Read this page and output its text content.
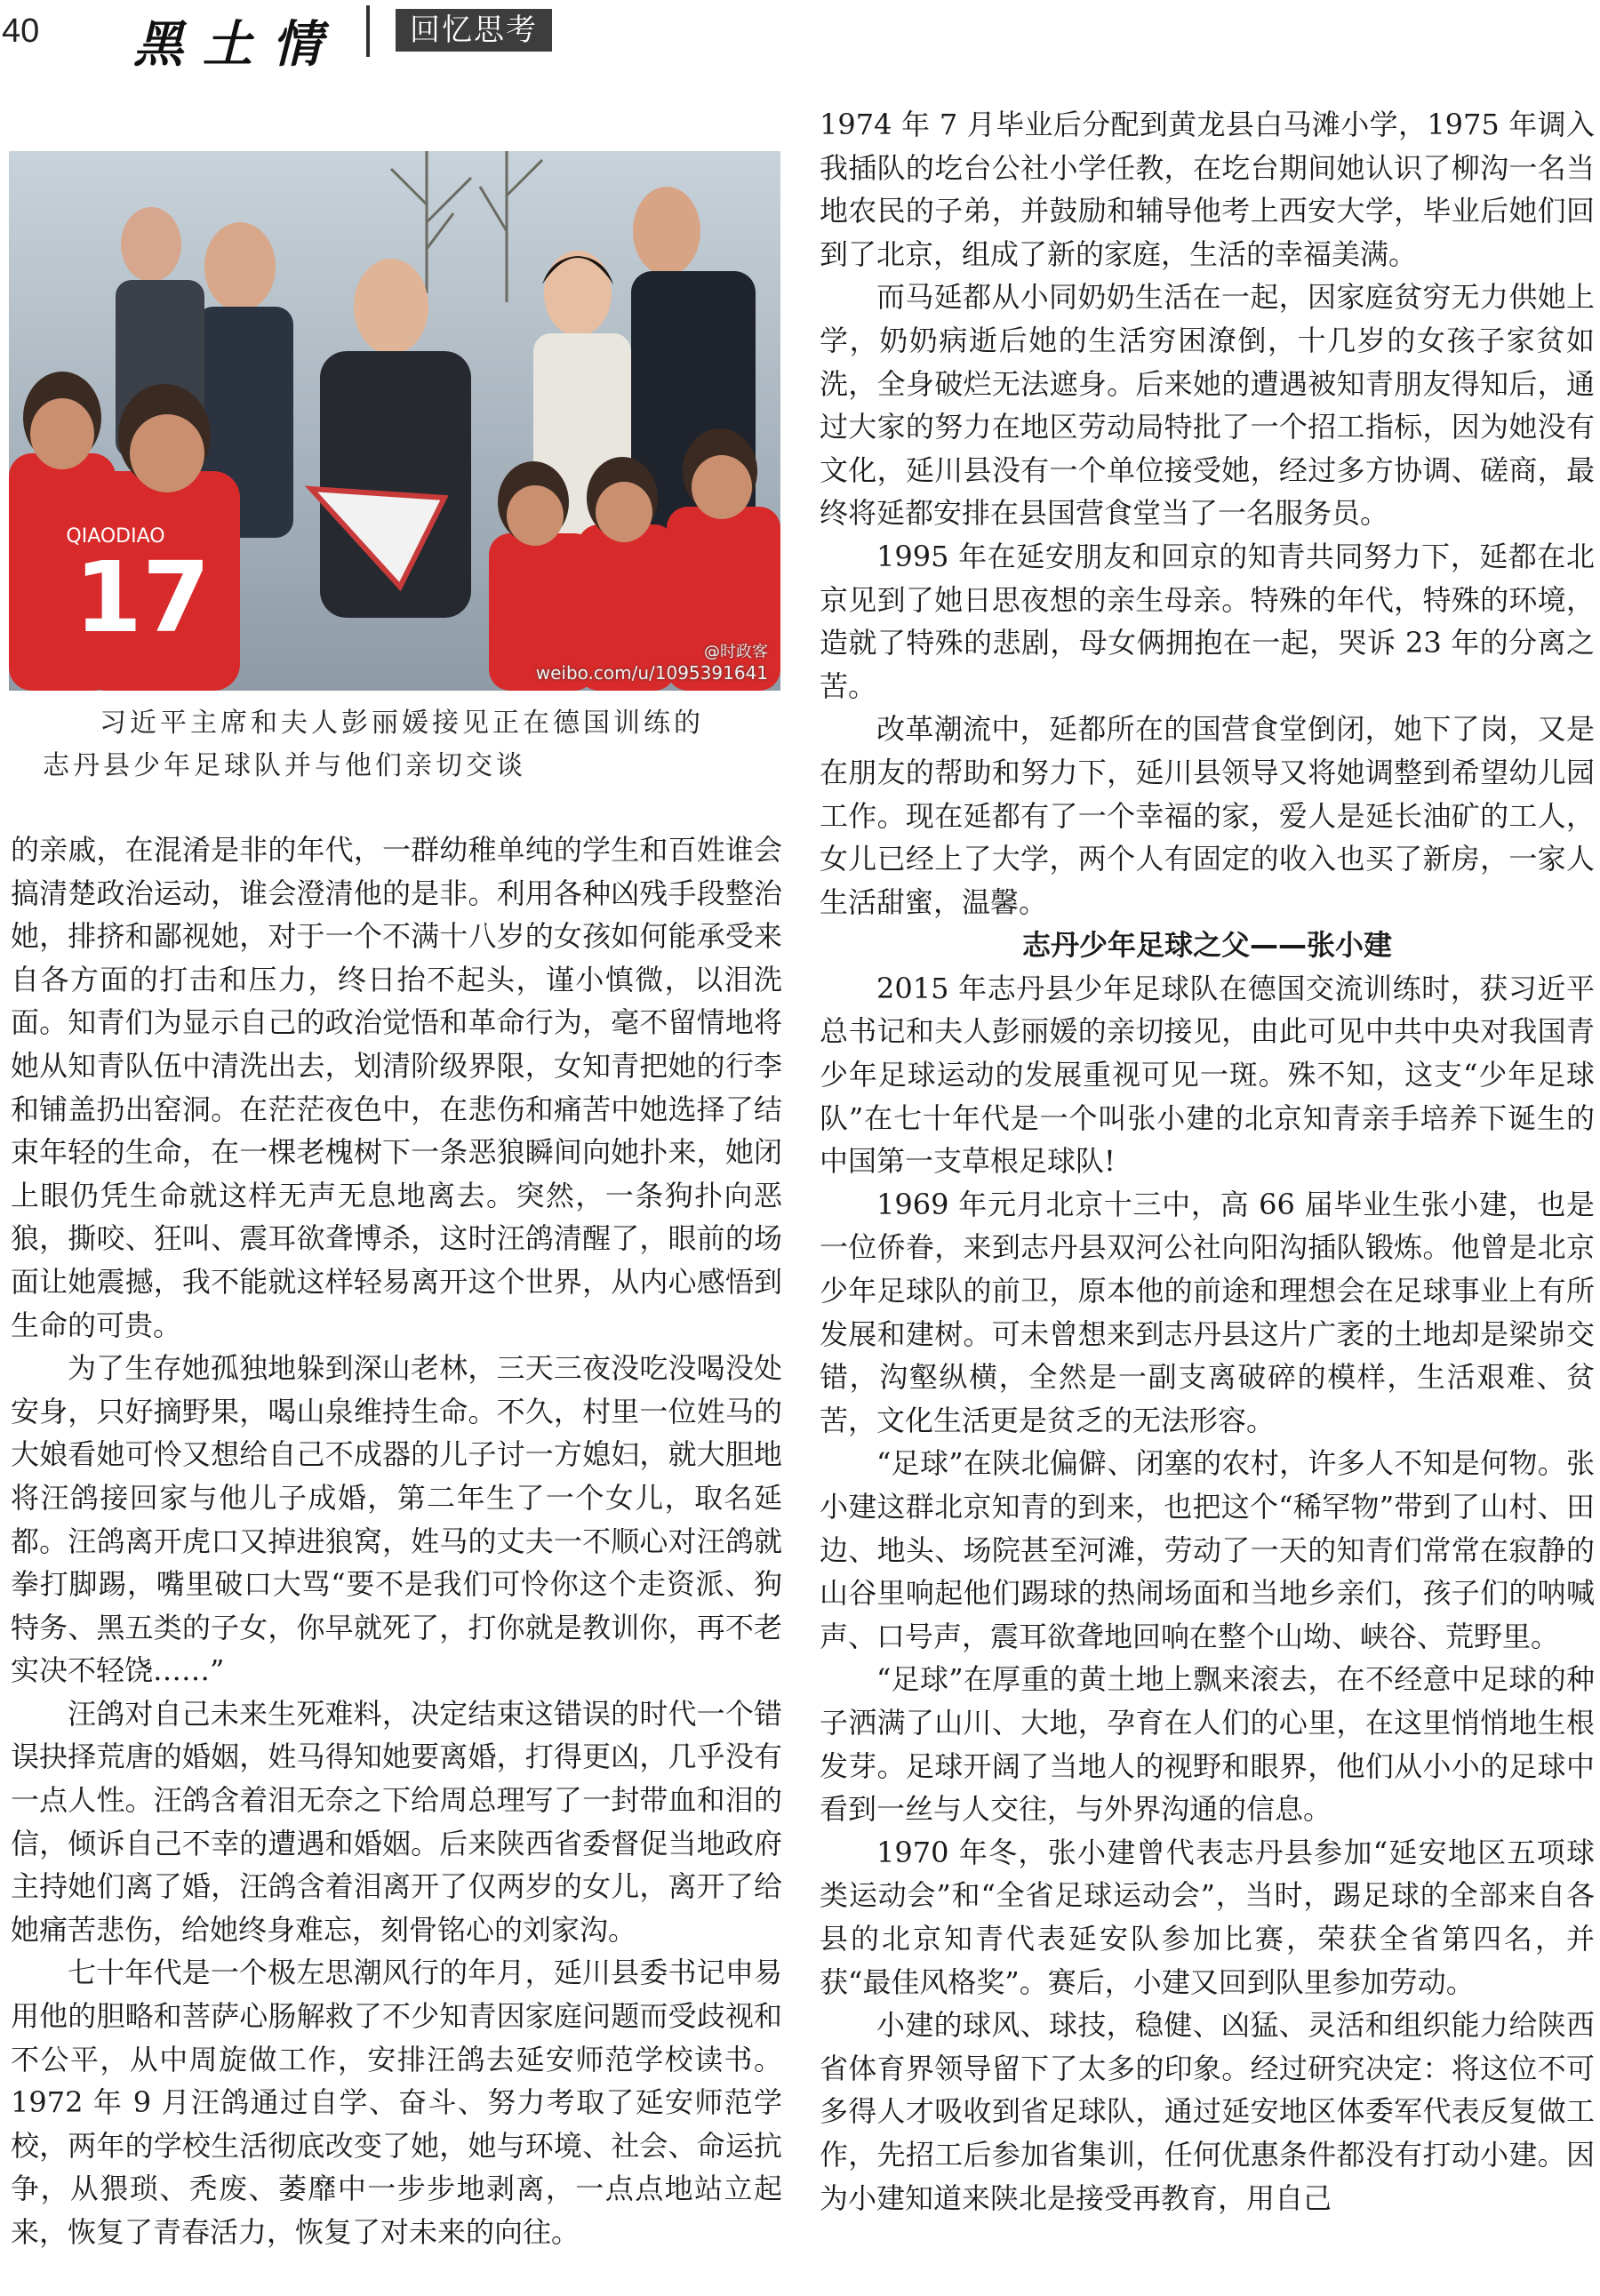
40 黑土情	回忆思考
QIAODIAO
17	@时政客
weibo.com/u/1095391641
习近平主席和夫人彭丽媛接见正在德国训练的
志丹县少年足球队并与他们亲切交谈

的亲戚，在混淆是非的年代，一群幼稚单纯的学生和百姓谁会搞清楚政治运动，谁会澄清他的是非。利用各种凶残手段整治她，排挤和鄙视她，对于一个不满十八岁的女孩如何能承受来自各方面的打击和压力，终日抬不起头，谨小慎微，以泪洗面。知青们为显示自己的政治觉悟和革命行为，毫不留情地将她从知青队伍中清洗出去，划清阶级界限，女知青把她的行李和铺盖扔出窑洞。在茫茫夜色中，在悲伤和痛苦中她选择了结束年轻的生命，在一棵老槐树下一条恶狼瞬间向她扑来，她闭上眼仍凭生命就这样无声无息地离去。突然，一条狗扑向恶狼，撕咬、狂叫、震耳欲聋博杀，这时汪鸽清醒了，眼前的场面让她震撼，我不能就这样轻易离开这个世界，从内心感悟到生命的可贵。

为了生存她孤独地躲到深山老林，三天三夜没吃没喝没处安身，只好摘野果，喝山泉维持生命。不久，村里一位姓马的大娘看她可怜又想给自己不成器的儿子讨一方媳妇，就大胆地将汪鸽接回家与他儿子成婚，第二年生了一个女儿，取名延都。汪鸽离开虎口又掉进狼窝，姓马的丈夫一不顺心对汪鸽就拳打脚踢，嘴里破口大骂“要不是我们可怜你这个走资派、狗特务、黑五类的子女，你早就死了，打你就是教训你，再不老实决不轻饶……”

汪鸽对自己未来生死难料，决定结束这错误的时代一个错误抉择荒唐的婚姻，姓马得知她要离婚，打得更凶，几乎没有一点人性。汪鸽含着泪无奈之下给周总理写了一封带血和泪的信，倾诉自己不幸的遭遇和婚姻。后来陕西省委督促当地政府主持她们离了婚，汪鸽含着泪离开了仅两岁的女儿，离开了给她痛苦悲伤，给她终身难忘，刻骨铭心的刘家沟。

七十年代是一个极左思潮风行的年月，延川县委书记申易用他的胆略和菩萨心肠解救了不少知青因家庭问题而受歧视和不公平，从中周旋做工作，安排汪鸽去延安师范学校读书。1972 年 9 月汪鸽通过自学、奋斗、努力考取了延安师范学校，两年的学校生活彻底改变了她，她与环境、社会、命运抗争，从猥琐、秃废、萎靡中一步步地剥离，一点点地站立起来，恢复了青春活力，恢复了对未来的向往。

1974 年 7 月毕业后分配到黄龙县白马滩小学，1975 年调入我插队的圪台公社小学任教，在圪台期间她认识了柳沟一名当地农民的子弟，并鼓励和辅导他考上西安大学，毕业后她们回到了北京，组成了新的家庭，生活的幸福美满。

而马延都从小同奶奶生活在一起，因家庭贫穷无力供她上学，奶奶病逝后她的生活穷困潦倒，十几岁的女孩子家贫如洗，全身破烂无法遮身。后来她的遭遇被知青朋友得知后，通过大家的努力在地区劳动局特批了一个招工指标，因为她没有文化，延川县没有一个单位接受她，经过多方协调、磋商，最终将延都安排在县国营食堂当了一名服务员。

1995 年在延安朋友和回京的知青共同努力下，延都在北京见到了她日思夜想的亲生母亲。特殊的年代，特殊的环境，造就了特殊的悲剧，母女俩拥抱在一起，哭诉 23 年的分离之苦。

改革潮流中，延都所在的国营食堂倒闭，她下了岗，又是在朋友的帮助和努力下，延川县领导又将她调整到希望幼儿园工作。现在延都有了一个幸福的家，爱人是延长油矿的工人，女儿已经上了大学，两个人有固定的收入也买了新房，一家人生活甜蜜，温馨。

志丹少年足球之父——张小建

2015 年志丹县少年足球队在德国交流训练时，获习近平总书记和夫人彭丽媛的亲切接见，由此可见中共中央对我国青少年足球运动的发展重视可见一斑。殊不知，这支“少年足球队”在七十年代是一个叫张小建的北京知青亲手培养下诞生的中国第一支草根足球队!

1969 年元月北京十三中，高 66 届毕业生张小建，也是一位侨眷，来到志丹县双河公社向阳沟插队锻炼。他曾是北京少年足球队的前卫，原本他的前途和理想会在足球事业上有所发展和建树。可未曾想来到志丹县这片广袤的土地却是梁峁交错，沟壑纵横，全然是一副支离破碎的模样，生活艰难、贫苦，文化生活更是贫乏的无法形容。

“足球”在陕北偏僻、闭塞的农村，许多人不知是何物。张小建这群北京知青的到来，也把这个“稀罕物”带到了山村、田边、地头、场院甚至河滩，劳动了一天的知青们常常在寂静的山谷里响起他们踢球的热闹场面和当地乡亲们，孩子们的呐喊声、口号声，震耳欲聋地回响在整个山坳、峡谷、荒野里。

“足球”在厚重的黄土地上飘来滚去，在不经意中足球的种子洒满了山川、大地，孕育在人们的心里，在这里悄悄地生根发芽。足球开阔了当地人的视野和眼界，他们从小小的足球中看到一丝与人交往，与外界沟通的信息。

1970 年冬，张小建曾代表志丹县参加“延安地区五项球类运动会”和“全省足球运动会”，当时，踢足球的全部来自各县的北京知青代表延安队参加比赛，荣获全省第四名，并获“最佳风格奖”。赛后，小建又回到队里参加劳动。

小建的球风、球技，稳健、凶猛、灵活和组织能力给陕西省体育界领导留下了太多的印象。经过研究决定：将这位不可多得人才吸收到省足球队，通过延安地区体委军代表反复做工作，先招工后参加省集训，任何优惠条件都没有打动小建。因为小建知道来陕北是接受再教育，用自己
